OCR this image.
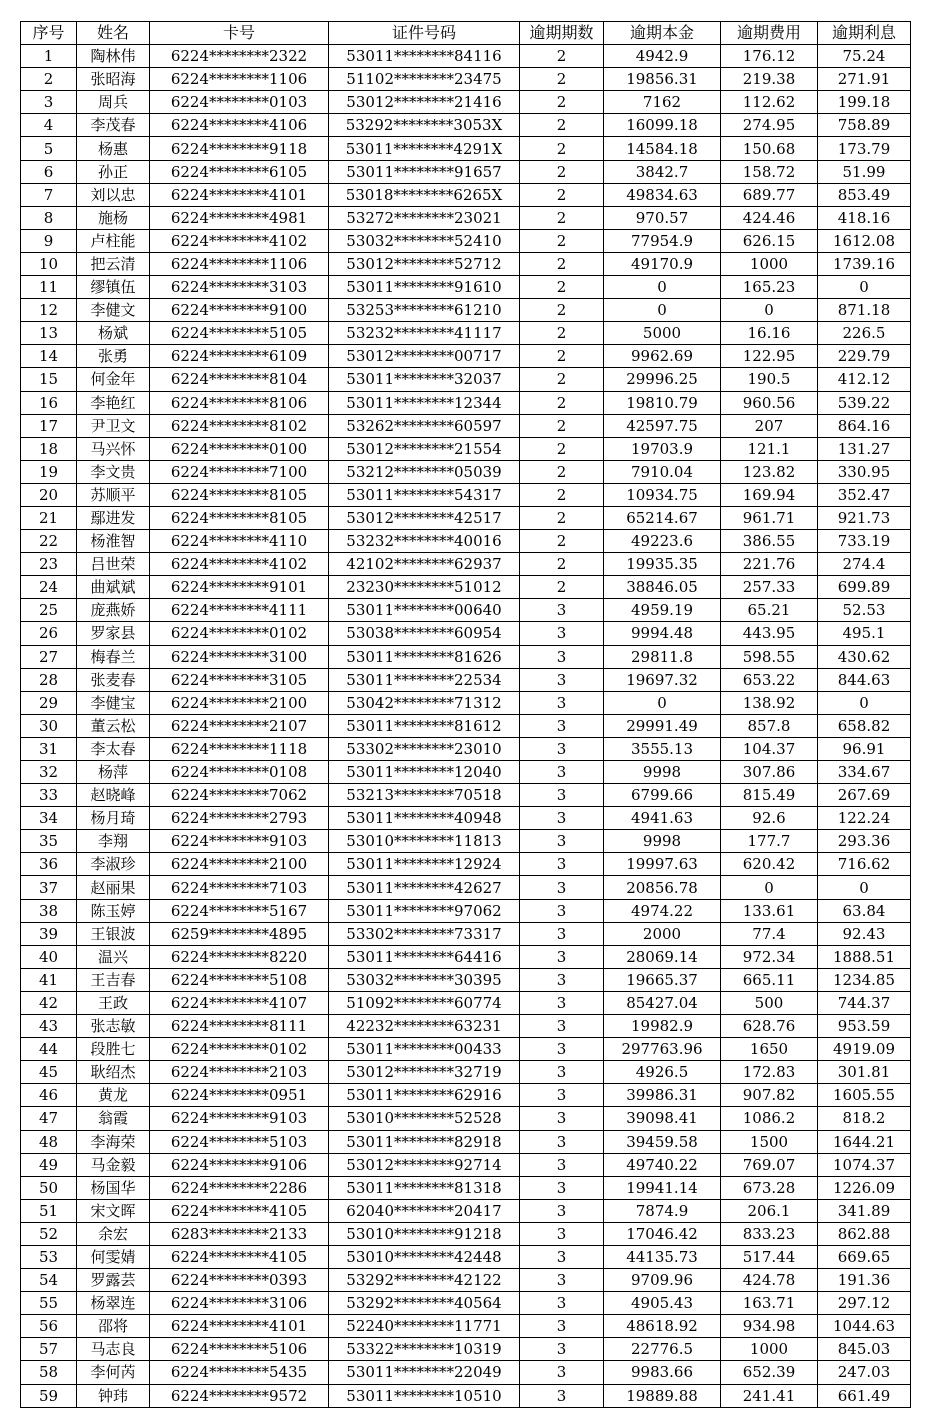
序号	姓名	卡号	证件号码	逾期期数	逾期本金	逾期费用	逾期利息
1	陶林伟	6224********2322	53011********84116	2	4942.9	176.12	75.24
2	张昭海	6224********1106	51102********23475	2	19856.31	219.38	271.91
3	周兵	6224********0103	53012********21416	2	7162	112.62	199.18
4	李茂春	6224********4106	53292********3053X	2	16099.18	274.95	758.89
5	杨惠	6224********9118	53011********4291X	2	14584.18	150.68	173.79
6	孙正	6224********6105	53011********91657	2	3842.7	158.72	51.99
7	刘以忠	6224********4101	53018********6265X	2	49834.63	689.77	853.49
8	施杨	6224********4981	53272********23021	2	970.57	424.46	418.16
9	卢柱能	6224********4102	53032********52410	2	77954.9	626.15	1612.08
10	把云清	6224********1106	53012********52712	2	49170.9	1000	1739.16
11	缪镇伍	6224********3103	53011********91610	2	0	165.23	0
12	李健文	6224********9100	53253********61210	2	0	0	871.18
13	杨斌	6224********5105	53232********41117	2	5000	16.16	226.5
14	张勇	6224********6109	53012********00717	2	9962.69	122.95	229.79
15	何金年	6224********8104	53011********32037	2	29996.25	190.5	412.12
16	李艳红	6224********8106	53011********12344	2	19810.79	960.56	539.22
17	尹卫文	6224********8102	53262********60597	2	42597.75	207	864.16
18	马兴怀	6224********0100	53012********21554	2	19703.9	121.1	131.27
19	李文贵	6224********7100	53212********05039	2	7910.04	123.82	330.95
20	苏顺平	6224********8105	53011********54317	2	10934.75	169.94	352.47
21	鄢进发	6224********8105	53012********42517	2	65214.67	961.71	921.73
22	杨淮智	6224********4110	53232********40016	2	49223.6	386.55	733.19
23	吕世荣	6224********4102	42102********62937	2	19935.35	221.76	274.4
24	曲斌斌	6224********9101	23230********51012	2	38846.05	257.33	699.89
25	庞燕娇	6224********4111	53011********00640	3	4959.19	65.21	52.53
26	罗家县	6224********0102	53038********60954	3	9994.48	443.95	495.1
27	梅春兰	6224********3100	53011********81626	3	29811.8	598.55	430.62
28	张麦春	6224********3105	53011********22534	3	19697.32	653.22	844.63
29	李健宝	6224********2100	53042********71312	3	0	138.92	0
30	董云松	6224********2107	53011********81612	3	29991.49	857.8	658.82
31	李太春	6224********1118	53302********23010	3	3555.13	104.37	96.91
32	杨萍	6224********0108	53011********12040	3	9998	307.86	334.67
33	赵晓峰	6224********7062	53213********70518	3	6799.66	815.49	267.69
34	杨月琦	6224********2793	53011********40948	3	4941.63	92.6	122.24
35	李翔	6224********9103	53010********11813	3	9998	177.7	293.36
36	李淑珍	6224********2100	53011********12924	3	19997.63	620.42	716.62
37	赵丽果	6224********7103	53011********42627	3	20856.78	0	0
38	陈玉婷	6224********5167	53011********97062	3	4974.22	133.61	63.84
39	王银波	6259********4895	53302********73317	3	2000	77.4	92.43
40	温兴	6224********8220	53011********64416	3	28069.14	972.34	1888.51
41	王吉春	6224********5108	53032********30395	3	19665.37	665.11	1234.85
42	王政	6224********4107	51092********60774	3	85427.04	500	744.37
43	张志敏	6224********8111	42232********63231	3	19982.9	628.76	953.59
44	段胜七	6224********0102	53011********00433	3	297763.96	1650	4919.09
45	耿绍杰	6224********2103	53012********32719	3	4926.5	172.83	301.81
46	黄龙	6224********0951	53011********62916	3	39986.31	907.82	1605.55
47	翁霞	6224********9103	53010********52528	3	39098.41	1086.2	818.2
48	李海荣	6224********5103	53011********82918	3	39459.58	1500	1644.21
49	马金毅	6224********9106	53012********92714	3	49740.22	769.07	1074.37
50	杨国华	6224********2286	53011********81318	3	19941.14	673.28	1226.09
51	宋文晖	6224********4105	62040********20417	3	7874.9	206.1	341.89
52	余宏	6283********2133	53010********91218	3	17046.42	833.23	862.88
53	何雯婧	6224********4105	53010********42448	3	44135.73	517.44	669.65
54	罗露芸	6224********0393	53292********42122	3	9709.96	424.78	191.36
55	杨翠连	6224********3106	53292********40564	3	4905.43	163.71	297.12
56	邵将	6224********4101	52240********11771	3	48618.92	934.98	1044.63
57	马志良	6224********5106	53322********10319	3	22776.5	1000	845.03
58	李何芮	6224********5435	53011********22049	3	9983.66	652.39	247.03
59	钟玮	6224********9572	53011********10510	3	19889.88	241.41	661.49
